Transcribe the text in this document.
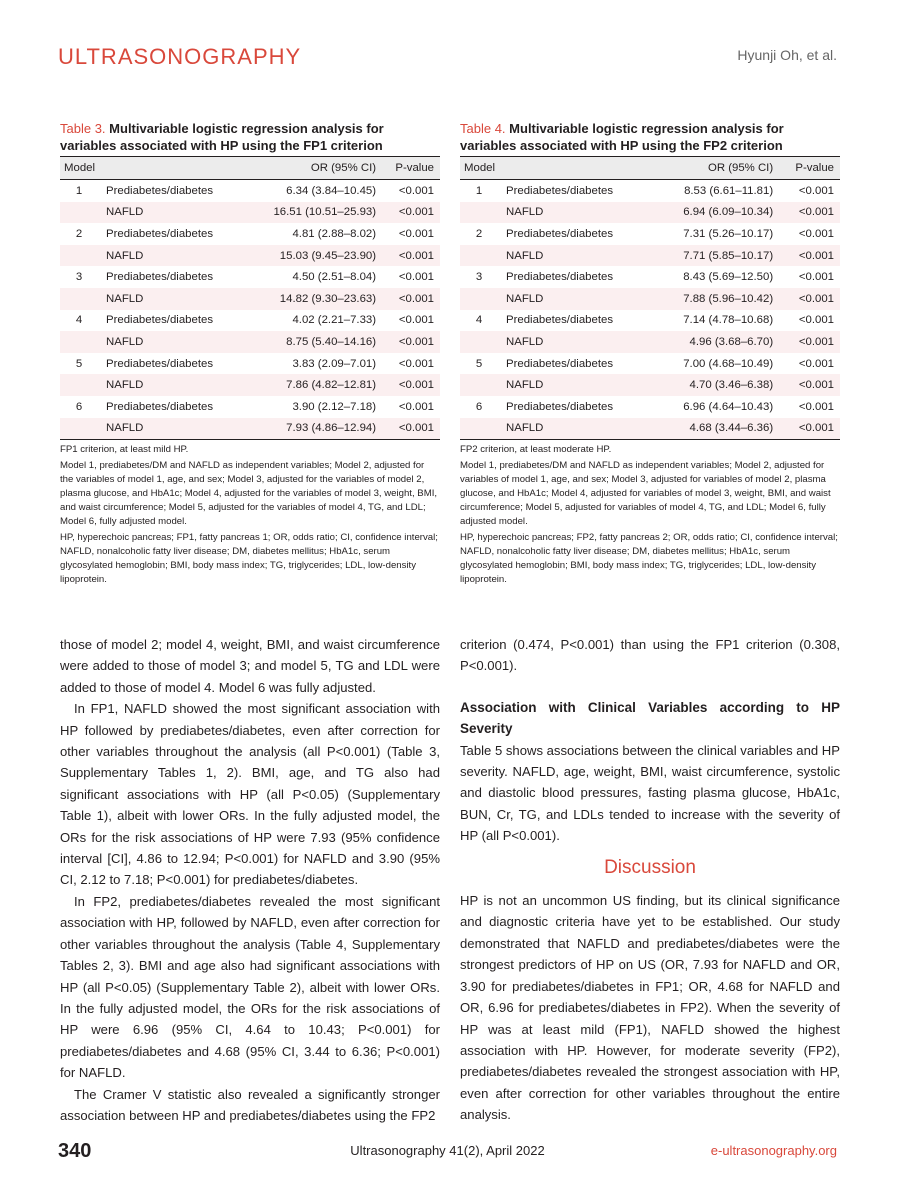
ULTRASONOGRAPHY	Hyunji Oh, et al.
Table 3. Multivariable logistic regression analysis for variables associated with HP using the FP1 criterion
Model		OR (95% CI)	P-value
1	Prediabetes/diabetes	6.34 (3.84–10.45)	<0.001
	NAFLD	16.51 (10.51–25.93)	<0.001
2	Prediabetes/diabetes	4.81 (2.88–8.02)	<0.001
	NAFLD	15.03 (9.45–23.90)	<0.001
3	Prediabetes/diabetes	4.50 (2.51–8.04)	<0.001
	NAFLD	14.82 (9.30–23.63)	<0.001
4	Prediabetes/diabetes	4.02 (2.21–7.33)	<0.001
	NAFLD	8.75 (5.40–14.16)	<0.001
5	Prediabetes/diabetes	3.83 (2.09–7.01)	<0.001
	NAFLD	7.86 (4.82–12.81)	<0.001
6	Prediabetes/diabetes	3.90 (2.12–7.18)	<0.001
	NAFLD	7.93 (4.86–12.94)	<0.001

FP1 criterion, at least mild HP.

Model 1, prediabetes/DM and NAFLD as independent variables; Model 2, adjusted for the variables of model 1, age, and sex; Model 3, adjusted for the variables of model 2, plasma glucose, and HbA1c; Model 4, adjusted for the variables of model 3, weight, BMI, and waist circumference; Model 5, adjusted for the variables of model 4, TG, and LDL; Model 6, fully adjusted model.

HP, hyperechoic pancreas; FP1, fatty pancreas 1; OR, odds ratio; CI, confidence interval; NAFLD, nonalcoholic fatty liver disease; DM, diabetes mellitus; HbA1c, serum glycosylated hemoglobin; BMI, body mass index; TG, triglycerides; LDL, low-density lipoprotein.

Table 4. Multivariable logistic regression analysis for variables associated with HP using the FP2 criterion
Model		OR (95% CI)	P-value
1	Prediabetes/diabetes	8.53 (6.61–11.81)	<0.001
	NAFLD	6.94 (6.09–10.34)	<0.001
2	Prediabetes/diabetes	7.31 (5.26–10.17)	<0.001
	NAFLD	7.71 (5.85–10.17)	<0.001
3	Prediabetes/diabetes	8.43 (5.69–12.50)	<0.001
	NAFLD	7.88 (5.96–10.42)	<0.001
4	Prediabetes/diabetes	7.14 (4.78–10.68)	<0.001
	NAFLD	4.96 (3.68–6.70)	<0.001
5	Prediabetes/diabetes	7.00 (4.68–10.49)	<0.001
	NAFLD	4.70 (3.46–6.38)	<0.001
6	Prediabetes/diabetes	6.96 (4.64–10.43)	<0.001
	NAFLD	4.68 (3.44–6.36)	<0.001

FP2 criterion, at least moderate HP.

Model 1, prediabetes/DM and NAFLD as independent variables; Model 2, adjusted for variables of model 1, age, and sex; Model 3, adjusted for variables of model 2, plasma glucose, and HbA1c; Model 4, adjusted for variables of model 3, weight, BMI, and waist circumference; Model 5, adjusted for variables of model 4, TG, and LDL; Model 6, fully adjusted model.

HP, hyperechoic pancreas; FP2, fatty pancreas 2; OR, odds ratio; CI, confidence interval; NAFLD, nonalcoholic fatty liver disease; DM, diabetes mellitus; HbA1c, serum glycosylated hemoglobin; BMI, body mass index; TG, triglycerides; LDL, low-density lipoprotein.

those of model 2; model 4, weight, BMI, and waist circumference were added to those of model 3; and model 5, TG and LDL were added to those of model 4. Model 6 was fully adjusted.

In FP1, NAFLD showed the most significant association with HP followed by prediabetes/diabetes, even after correction for other variables throughout the analysis (all P<0.001) (Table 3, Supplementary Tables 1, 2). BMI, age, and TG also had significant associations with HP (all P<0.05) (Supplementary Table 1), albeit with lower ORs. In the fully adjusted model, the ORs for the risk associations of HP were 7.93 (95% confidence interval [CI], 4.86 to 12.94; P<0.001) for NAFLD and 3.90 (95% CI, 2.12 to 7.18; P<0.001) for prediabetes/diabetes.

In FP2, prediabetes/diabetes revealed the most significant association with HP, followed by NAFLD, even after correction for other variables throughout the analysis (Table 4, Supplementary Tables 2, 3). BMI and age also had significant associations with HP (all P<0.05) (Supplementary Table 2), albeit with lower ORs. In the fully adjusted model, the ORs for the risk associations of HP were 6.96 (95% CI, 4.64 to 10.43; P<0.001) for prediabetes/diabetes and 4.68 (95% CI, 3.44 to 6.36; P<0.001) for NAFLD.

The Cramer V statistic also revealed a significantly stronger association between HP and prediabetes/diabetes using the FP2

criterion (0.474, P<0.001) than using the FP1 criterion (0.308, P<0.001).

Association with Clinical Variables according to HP Severity

Table 5 shows associations between the clinical variables and HP severity. NAFLD, age, weight, BMI, waist circumference, systolic and diastolic blood pressures, fasting plasma glucose, HbA1c, BUN, Cr, TG, and LDLs tended to increase with the severity of HP (all P<0.001).

Discussion

HP is not an uncommon US finding, but its clinical significance and diagnostic criteria have yet to be established. Our study demonstrated that NAFLD and prediabetes/diabetes were the strongest predictors of HP on US (OR, 7.93 for NAFLD and OR, 3.90 for prediabetes/diabetes in FP1; OR, 4.68 for NAFLD and OR, 6.96 for prediabetes/diabetes in FP2). When the severity of HP was at least mild (FP1), NAFLD showed the highest association with HP. However, for moderate severity (FP2), prediabetes/diabetes revealed the strongest association with HP, even after correction for other variables throughout the entire analysis.

340	Ultrasonography 41(2), April 2022	e-ultrasonography.org
